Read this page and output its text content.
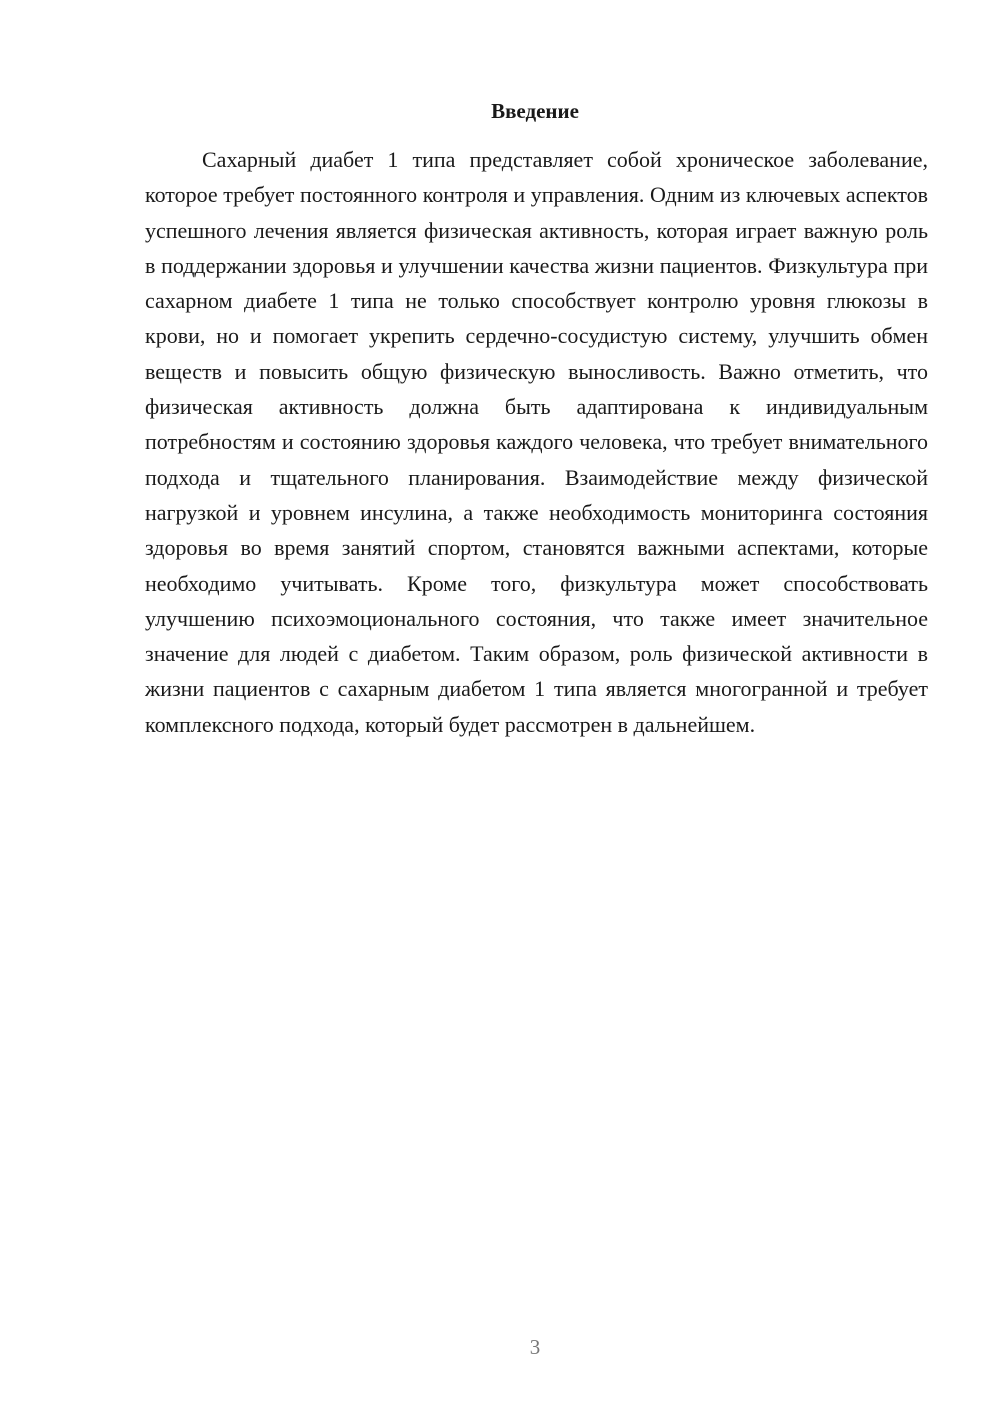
Введение

Сахарный диабет 1 типа представляет собой хроническое заболевание, которое требует постоянного контроля и управления. Одним из ключевых аспектов успешного лечения является физическая активность, которая играет важную роль в поддержании здоровья и улучшении качества жизни пациентов. Физкультура при сахарном диабете 1 типа не только способствует контролю уровня глюкозы в крови, но и помогает укрепить сердечно-сосудистую систему, улучшить обмен веществ и повысить общую физическую выносливость. Важно отметить, что физическая активность должна быть адаптирована к индивидуальным потребностям и состоянию здоровья каждого человека, что требует внимательного подхода и тщательного планирования. Взаимодействие между физической нагрузкой и уровнем инсулина, а также необходимость мониторинга состояния здоровья во время занятий спортом, становятся важными аспектами, которые необходимо учитывать. Кроме того, физкультура может способствовать улучшению психоэмоционального состояния, что также имеет значительное значение для людей с диабетом. Таким образом, роль физической активности в жизни пациентов с сахарным диабетом 1 типа является многогранной и требует комплексного подхода, который будет рассмотрен в дальнейшем.

3
